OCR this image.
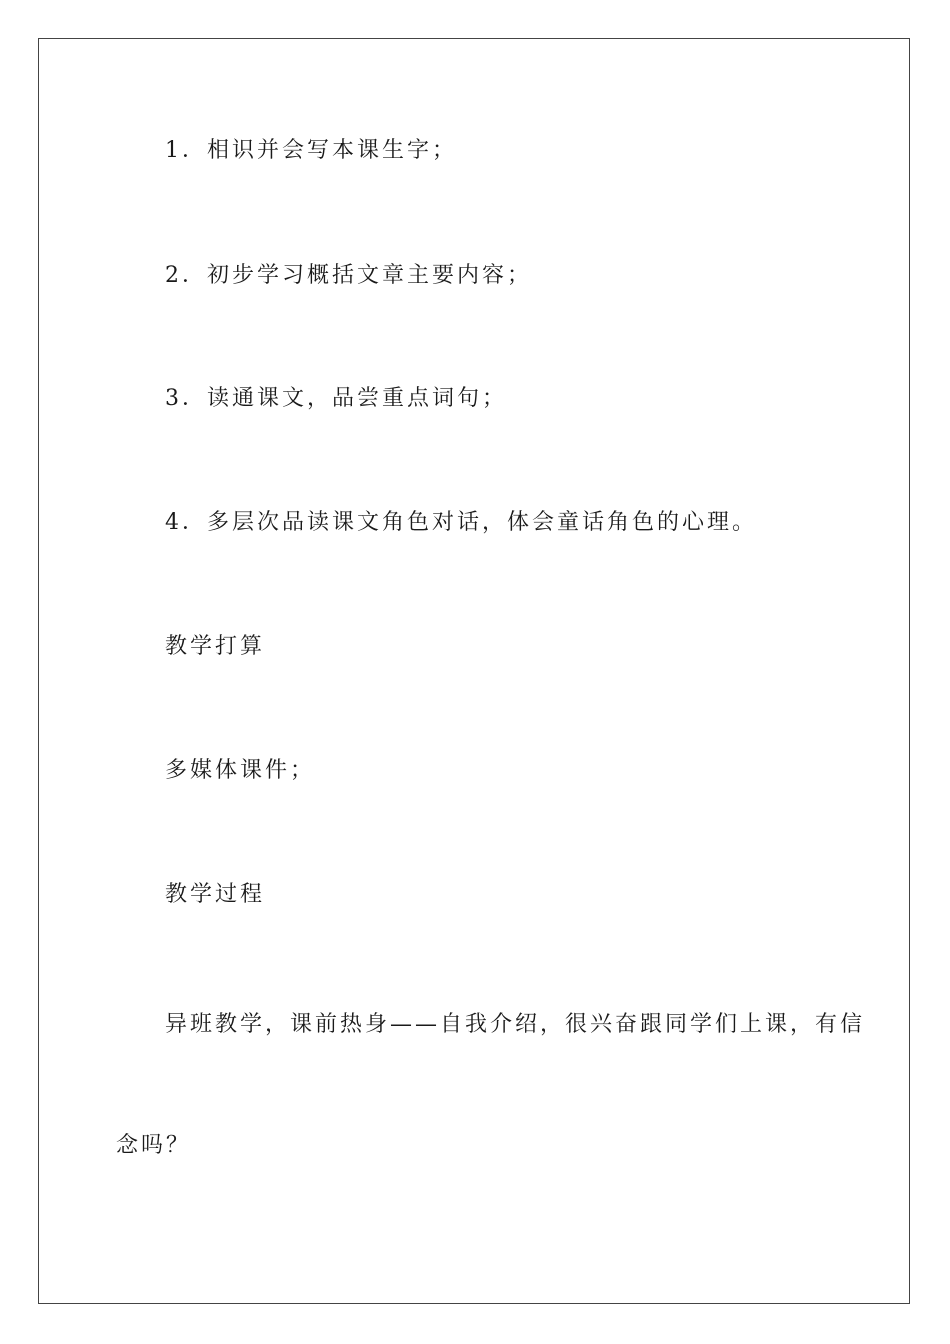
1．相识并会写本课生字；
2．初步学习概括文章主要内容；
3．读通课文，品尝重点词句；
4．多层次品读课文角色对话，体会童话角色的心理。
教学打算
多媒体课件；
教学过程
异班教学，课前热身——自我介绍，很兴奋跟同学们上课，有信
念吗？
